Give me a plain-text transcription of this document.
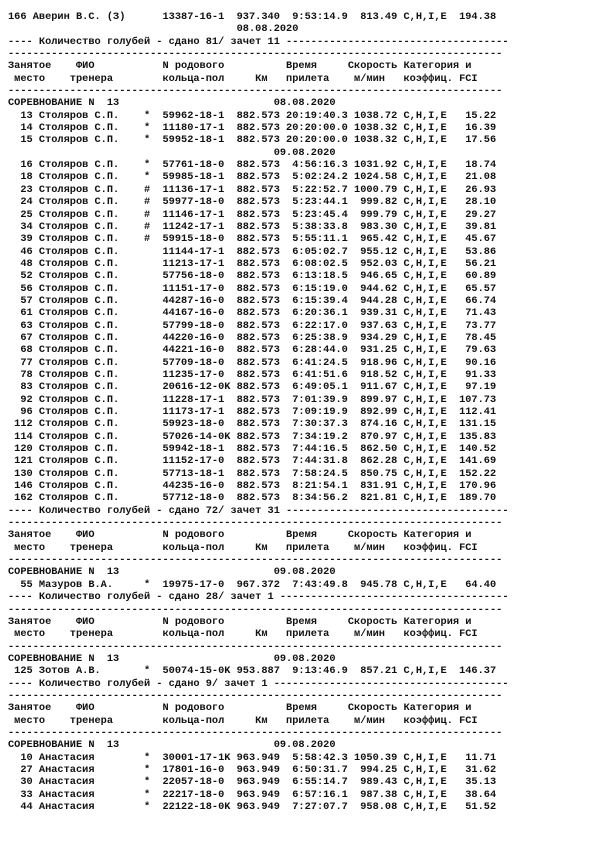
166 Аверин В.С. (З)      13387-16-1  937.340  9:53:14.9  813.49 C,H,I,E  194.38
08.08.2020
---- Количество голубей - сдано 81/ зачет 11 ------------------------------------
--------------------------------------------------------------------------------
Занятое    ФИО           N родового          Время     Скорость Категория и
место    тренера        кольца-пол     Км   прилета    м/мин   коэффиц. FCI
--------------------------------------------------------------------------------
СОРЕВНОВАНИЕ N  13                         08.08.2020
13 Столяров С.П.    *  59962-18-1  882.573 20:19:40.3 1038.72 C,H,I,E   15.22
14 Столяров С.П.    *  11180-17-1  882.573 20:20:00.0 1038.32 C,H,I,E   16.39
15 Столяров С.П.    *  59952-18-1  882.573 20:20:00.0 1038.32 C,H,I,E   17.56
09.08.2020
16 Столяров С.П.    *  57761-18-0  882.573  4:56:16.3 1031.92 C,H,I,E   18.74
18 Столяров С.П.    *  59985-18-1  882.573  5:02:24.2 1024.58 C,H,I,E   21.08
23 Столяров С.П.    #  11136-17-1  882.573  5:22:52.7 1000.79 C,H,I,E   26.93
24 Столяров С.П.    #  59977-18-0  882.573  5:23:44.1  999.82 C,H,I,E   28.10
25 Столяров С.П.    #  11146-17-1  882.573  5:23:45.4  999.79 C,H,I,E   29.27
34 Столяров С.П.    #  11242-17-1  882.573  5:38:33.8  983.30 C,H,I,E   39.81
39 Столяров С.П.    #  59915-18-0  882.573  5:55:11.1  965.42 C,H,I,E   45.67
46 Столяров С.П.       11144-17-1  882.573  6:05:02.7  955.12 C,H,I,E   53.86
48 Столяров С.П.       11213-17-1  882.573  6:08:02.5  952.03 C,H,I,E   56.21
52 Столяров С.П.       57756-18-0  882.573  6:13:18.5  946.65 C,H,I,E   60.89
56 Столяров С.П.       11151-17-0  882.573  6:15:19.0  944.62 C,H,I,E   65.57
57 Столяров С.П.       44287-16-0  882.573  6:15:39.4  944.28 C,H,I,E   66.74
61 Столяров С.П.       44167-16-0  882.573  6:20:36.1  939.31 C,H,I,E   71.43
63 Столяров С.П.       57799-18-0  882.573  6:22:17.0  937.63 C,H,I,E   73.77
67 Столяров С.П.       44220-16-0  882.573  6:25:38.9  934.29 C,H,I,E   78.45
68 Столяров С.П.       44221-16-0  882.573  6:28:44.0  931.25 C,H,I,E   79.63
77 Столяров С.П.       57709-18-0  882.573  6:41:24.5  918.96 C,H,I,E   90.16
78 Столяров С.П.       11235-17-0  882.573  6:41:51.6  918.52 C,H,I,E   91.33
83 Столяров С.П.       20616-12-0K 882.573  6:49:05.1  911.67 C,H,I,E   97.19
92 Столяров С.П.       11228-17-1  882.573  7:01:39.9  899.97 C,H,I,E  107.73
96 Столяров С.П.       11173-17-1  882.573  7:09:19.9  892.99 C,H,I,E  112.41
112 Столяров С.П.       59923-18-0  882.573  7:30:37.3  874.16 C,H,I,E  131.15
114 Столяров С.П.       57026-14-0K 882.573  7:34:19.2  870.97 C,H,I,E  135.83
120 Столяров С.П.       59942-18-1  882.573  7:44:16.5  862.50 C,H,I,E  140.52
121 Столяров С.П.       11152-17-0  882.573  7:44:31.8  862.28 C,H,I,E  141.69
130 Столяров С.П.       57713-18-1  882.573  7:58:24.5  850.75 C,H,I,E  152.22
146 Столяров С.П.       44235-16-0  882.573  8:21:54.1  831.91 C,H,I,E  170.96
162 Столяров С.П.       57712-18-0  882.573  8:34:56.2  821.81 C,H,I,E  189.70
---- Количество голубей - сдано 72/ зачет 31 ------------------------------------
--------------------------------------------------------------------------------
Занятое    ФИО           N родового          Время     Скорость Категория и
место    тренера        кольца-пол     Км   прилета    м/мин   коэффиц. FCI
--------------------------------------------------------------------------------
СОРЕВНОВАНИЕ N  13                         09.08.2020
55 Мазуров В.А.     *  19975-17-0  967.372  7:43:49.8  945.78 C,H,I,E   64.40
---- Количество голубей - сдано 28/ зачет 1 -------------------------------------
--------------------------------------------------------------------------------
Занятое    ФИО           N родового          Время     Скорость Категория и
место    тренера        кольца-пол     Км   прилета    м/мин   коэффиц. FCI
--------------------------------------------------------------------------------
СОРЕВНОВАНИЕ N  13                         09.08.2020
125 Зотов А.В.       *  50074-15-0K 953.887  9:13:46.9  857.21 C,H,I,E  146.37
---- Количество голубей - сдано 9/ зачет 1 --------------------------------------
--------------------------------------------------------------------------------
Занятое    ФИО           N родового          Время     Скорость Категория и
место    тренера        кольца-пол     Км   прилета    м/мин   коэффиц. FCI
--------------------------------------------------------------------------------
СОРЕВНОВАНИЕ N  13                         09.08.2020
10 Анастасия        *  30001-17-1K 963.949  5:58:42.3 1050.39 C,H,I,E   11.71
27 Анастасия        *  17801-16-0  963.949  6:50:31.7  994.25 C,H,I,E   31.62
30 Анастасия        *  22057-18-0  963.949  6:55:14.7  989.43 C,H,I,E   35.13
33 Анастасия        *  22217-18-0  963.949  6:57:16.1  987.38 C,H,I,E   38.64
44 Анастасия        *  22122-18-0K 963.949  7:27:07.7  958.08 C,H,I,E   51.52
